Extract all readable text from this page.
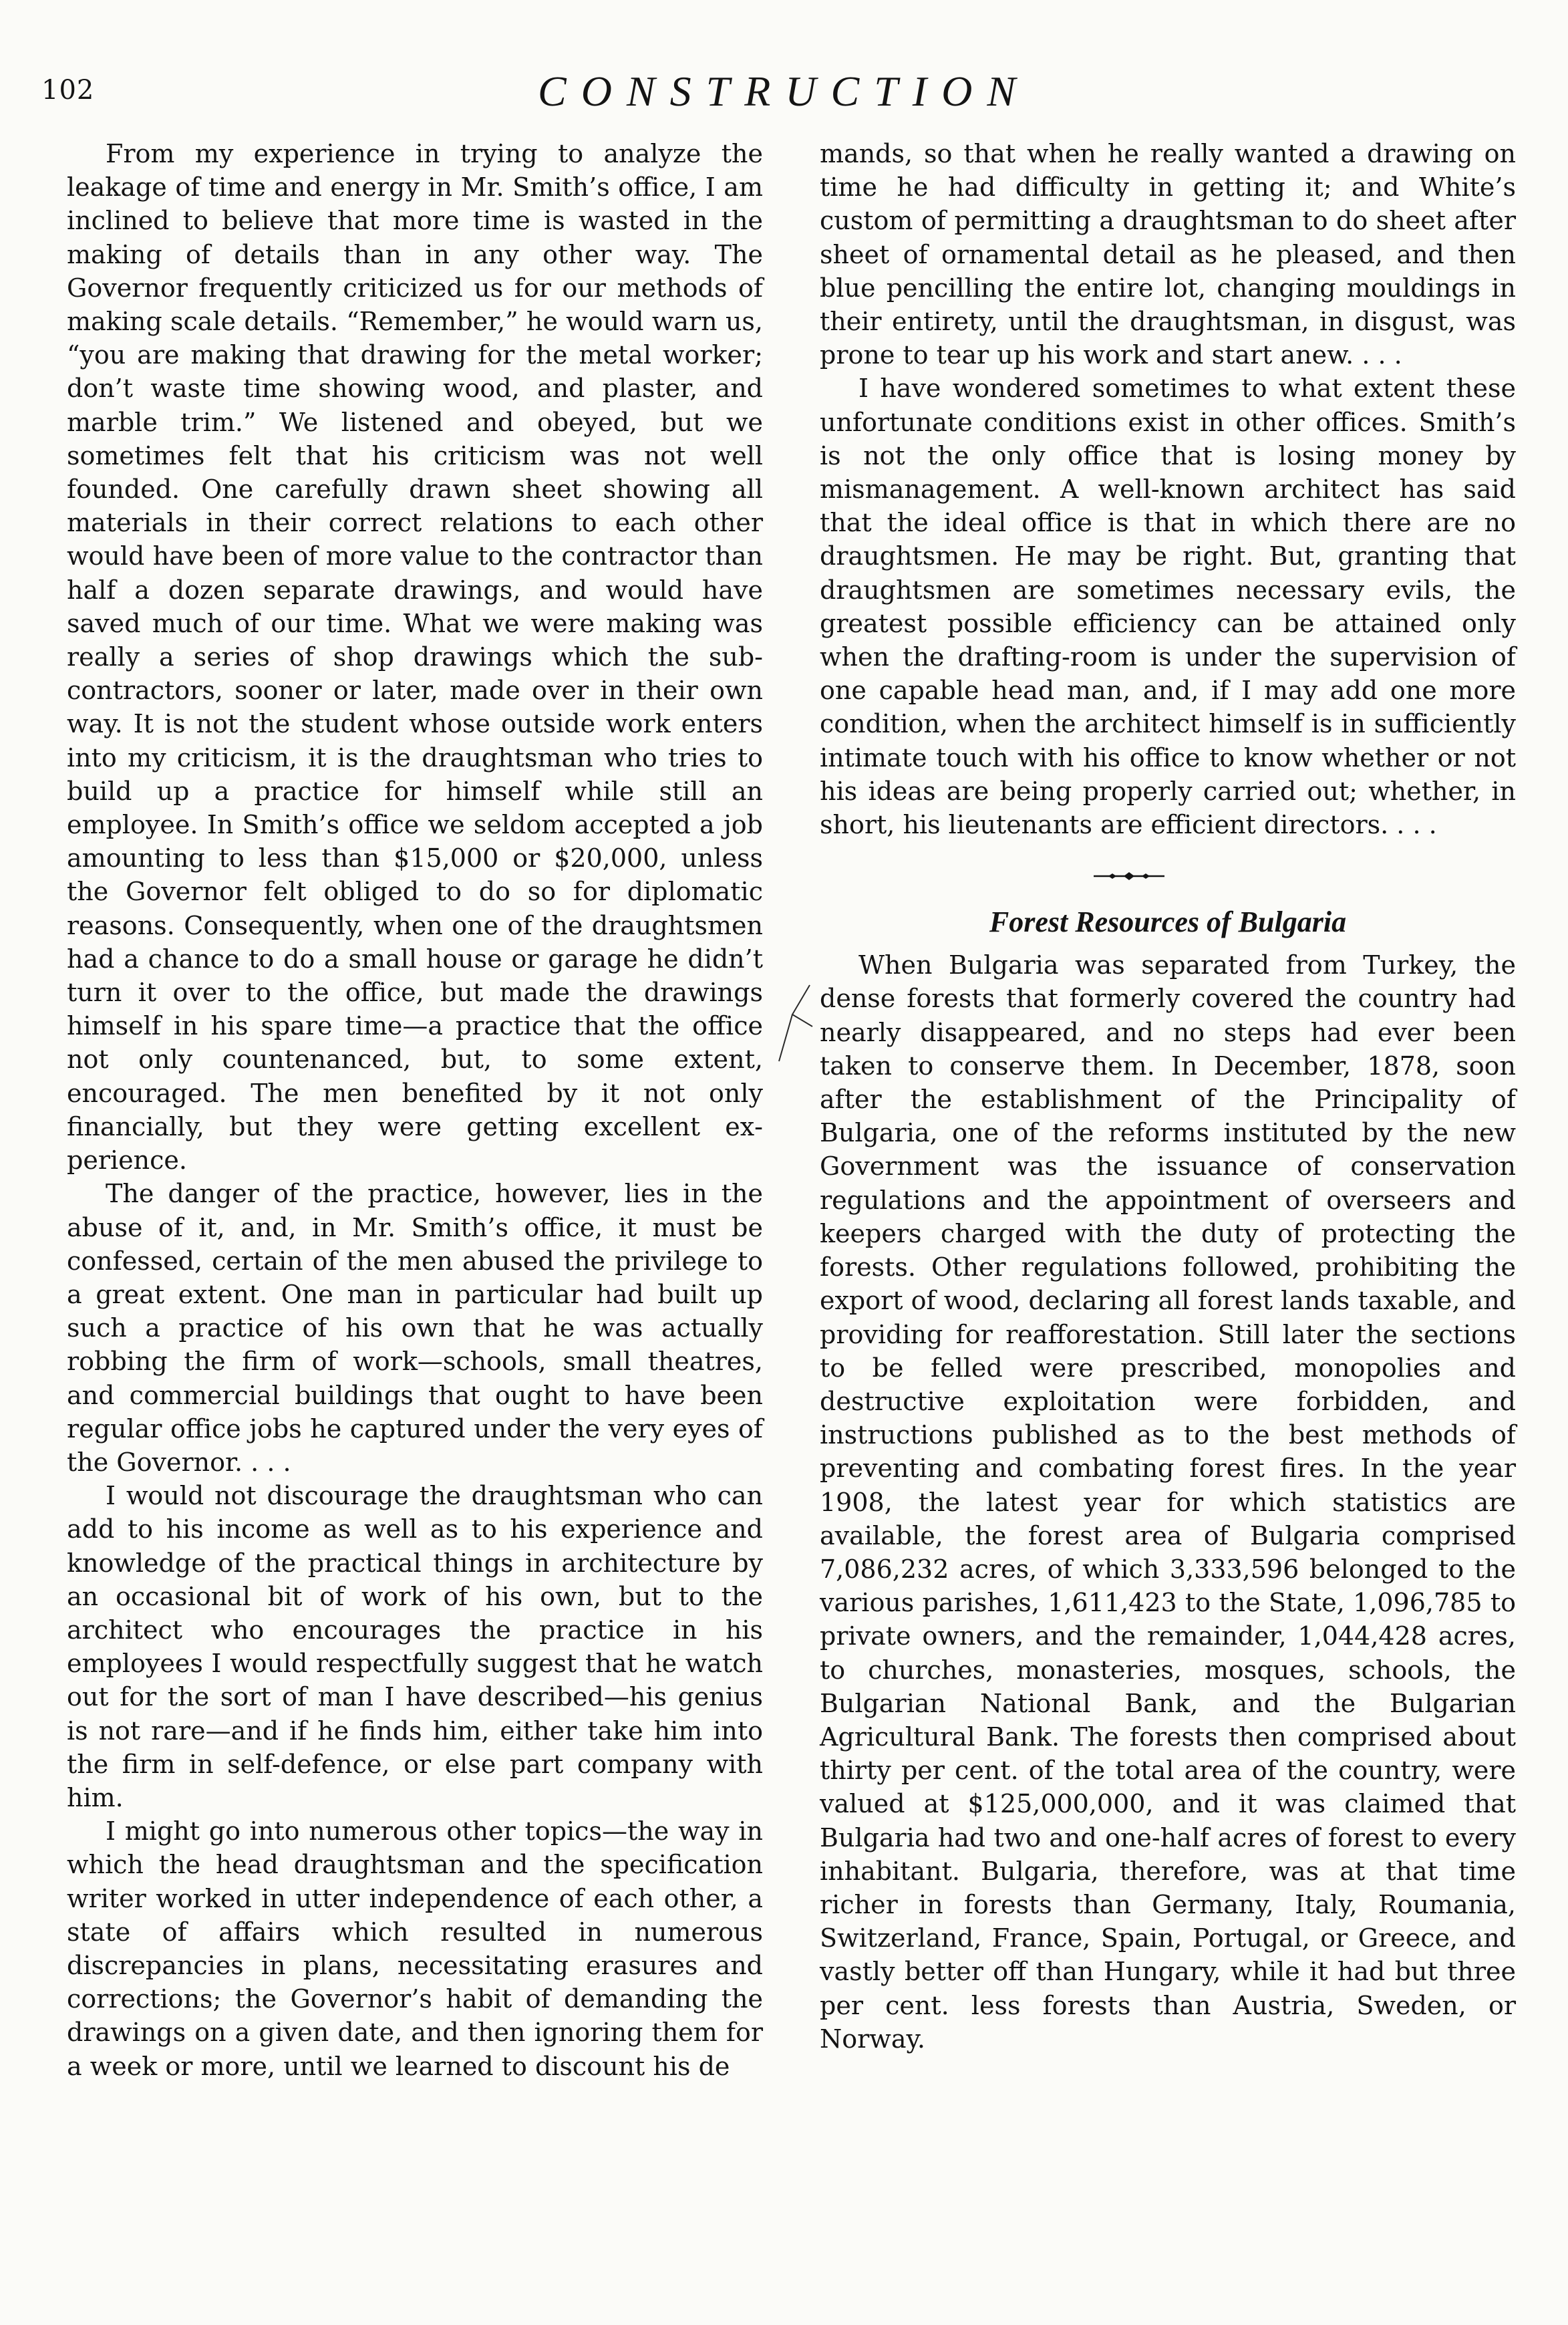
102	CONSTRUCTION

From my experience in trying to analyze the leakage of time and energy in Mr. Smith’s office, I am inclined to believe that more time is wasted in the making of details than in any other way. The Governor frequently criticized us for our methods of making scale details. “Remember,” he would warn us, “you are making that drawing for the metal worker; don’t waste time showing wood, and plaster, and marble trim.” We listened and obeyed, but we sometimes felt that his criticism was not well founded. One carefully drawn sheet showing all materials in their correct relations to each other would have been of more value to the contractor than half a dozen separate drawings, and would have saved much of our time. What we were making was really a series of shop drawings which the subcontractors, sooner or later, made over in their own way. It is not the student whose outside work enters into my criticism, it is the draughtsman who tries to build up a practice for himself while still an employee. In Smith’s office we seldom accepted a job amounting to less than $15,000 or $20,000, unless the Governor felt obliged to do so for diplomatic reasons. Consequently, when one of the draughtsmen had a chance to do a small house or garage he didn’t turn it over to the office, but made the drawings himself in his spare time—a practice that the office not only countenanced, but, to some extent, encouraged. The men benefited by it not only financially, but they were getting excellent experience.

The danger of the practice, however, lies in the abuse of it, and, in Mr. Smith’s office, it must be confessed, certain of the men abused the privilege to a great extent. One man in particular had built up such a practice of his own that he was actually robbing the firm of work—schools, small theatres, and commercial buildings that ought to have been regular office jobs he captured under the very eyes of the Governor. . . .

I would not discourage the draughtsman who can add to his income as well as to his experience and knowledge of the practical things in architecture by an occasional bit of work of his own, but to the architect who encourages the practice in his employees I would respectfully suggest that he watch out for the sort of man I have described—his genius is not rare—and if he finds him, either take him into the firm in self-defence, or else part company with him.

I might go into numerous other topics—the way in which the head draughtsman and the specification writer worked in utter independence of each other, a state of affairs which resulted in numerous discrepancies in plans, necessitating erasures and corrections; the Governor’s habit of demanding the drawings on a given date, and then ignoring them for a week or more, until we learned to discount his de

mands, so that when he really wanted a drawing on time he had difficulty in getting it; and White’s custom of permitting a draughtsman to do sheet after sheet of ornamental detail as he pleased, and then blue pencilling the entire lot, changing mouldings in their entirety, until the draughtsman, in disgust, was prone to tear up his work and start anew. . . .

I have wondered sometimes to what extent these unfortunate conditions exist in other offices. Smith’s is not the only office that is losing money by mismanagement. A well-known architect has said that the ideal office is that in which there are no draughtsmen. He may be right. But, granting that draughtsmen are sometimes necessary evils, the greatest possible efficiency can be attained only when the drafting-room is under the supervision of one capable head man, and, if I may add one more condition, when the architect himself is in sufficiently intimate touch with his office to know whether or not his ideas are being properly carried out; whether, in short, his lieutenants are efficient directors. . . .

Forest Resources of Bulgaria

When Bulgaria was separated from Turkey, the dense forests that formerly covered the country had nearly disappeared, and no steps had ever been taken to conserve them. In December, 1878, soon after the establishment of the Principality of Bulgaria, one of the reforms instituted by the new Government was the issuance of conservation regulations and the appointment of overseers and keepers charged with the duty of protecting the forests. Other regulations followed, prohibiting the export of wood, declaring all forest lands taxable, and providing for reafforestation. Still later the sections to be felled were prescribed, monopolies and destructive exploitation were forbidden, and instructions published as to the best methods of preventing and combating forest fires. In the year 1908, the latest year for which statistics are available, the forest area of Bulgaria comprised 7,086,232 acres, of which 3,333,596 belonged to the various parishes, 1,611,423 to the State, 1,096,785 to private owners, and the remainder, 1,044,428 acres, to churches, monasteries, mosques, schools, the Bulgarian National Bank, and the Bulgarian Agricultural Bank. The forests then comprised about thirty per cent. of the total area of the country, were valued at $125,000,000, and it was claimed that Bulgaria had two and one-half acres of forest to every inhabitant. Bulgaria, therefore, was at that time richer in forests than Germany, Italy, Roumania, Switzerland, France, Spain, Portugal, or Greece, and vastly better off than Hungary, while it had but three per cent. less forests than Austria, Sweden, or Norway.
